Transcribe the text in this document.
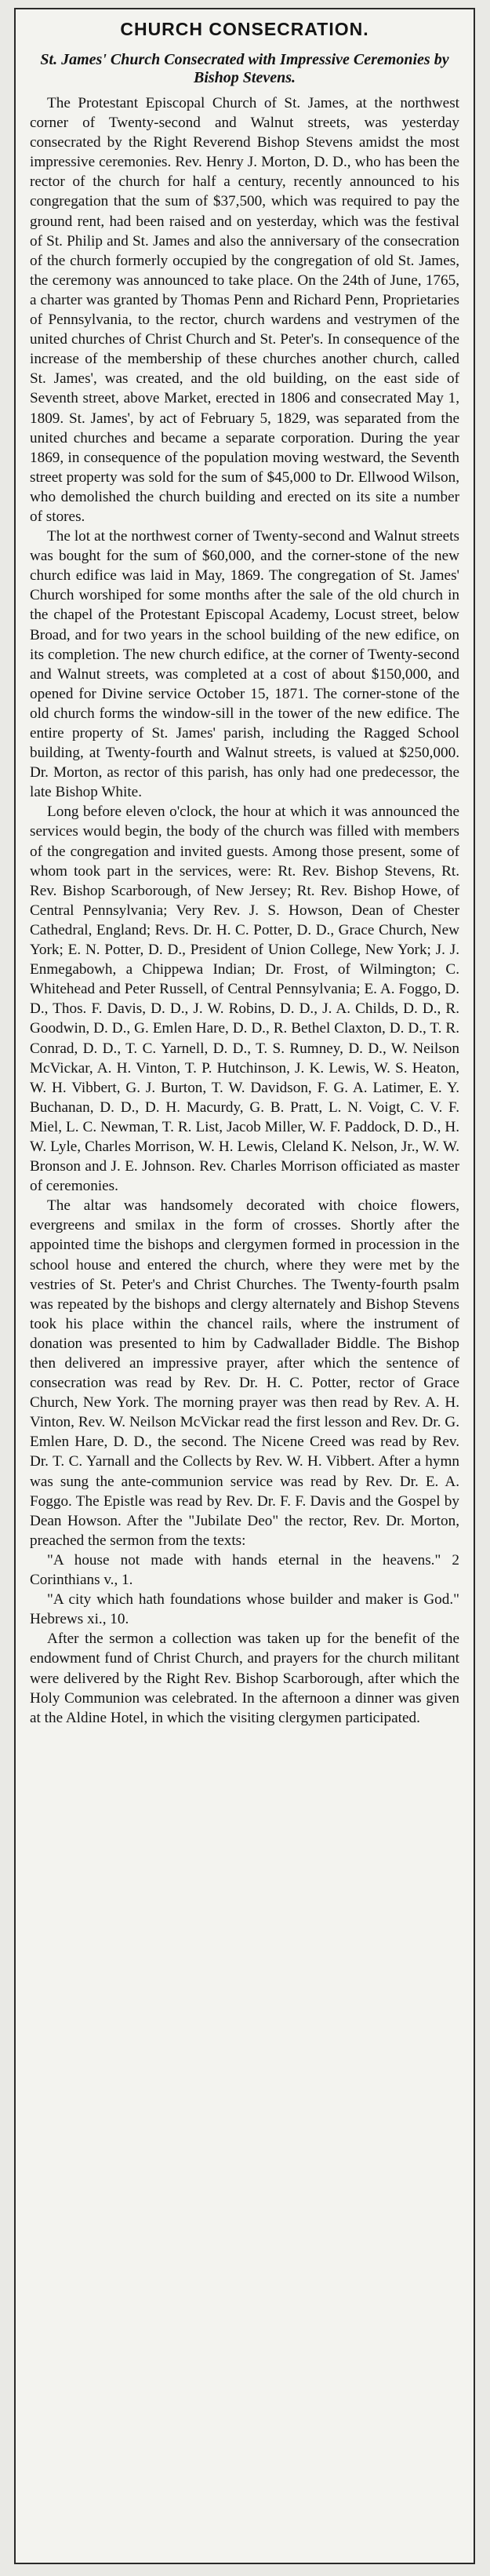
CHURCH CONSECRATION.
St. James' Church Consecrated with Impressive Ceremonies by Bishop Stevens.

The Protestant Episcopal Church of St. James, at the northwest corner of Twenty-second and Walnut streets, was yesterday consecrated by the Right Reverend Bishop Stevens amidst the most impressive ceremonies. Rev. Henry J. Morton, D. D., who has been the rector of the church for half a century, recently announced to his congregation that the sum of $37,500, which was required to pay the ground rent, had been raised and on yesterday, which was the festival of St. Philip and St. James and also the anniversary of the consecration of the church formerly occupied by the congregation of old St. James, the ceremony was announced to take place. On the 24th of June, 1765, a charter was granted by Thomas Penn and Richard Penn, Proprietaries of Pennsylvania, to the rector, church wardens and vestrymen of the united churches of Christ Church and St. Peter's. In consequence of the increase of the membership of these churches another church, called St. James', was created, and the old building, on the east side of Seventh street, above Market, erected in 1806 and consecrated May 1, 1809. St. James', by act of February 5, 1829, was separated from the united churches and became a separate corporation. During the year 1869, in consequence of the population moving westward, the Seventh street property was sold for the sum of $45,000 to Dr. Ellwood Wilson, who demolished the church building and erected on its site a number of stores.

The lot at the northwest corner of Twenty-second and Walnut streets was bought for the sum of $60,000, and the corner-stone of the new church edifice was laid in May, 1869. The congregation of St. James' Church worshiped for some months after the sale of the old church in the chapel of the Protestant Episcopal Academy, Locust street, below Broad, and for two years in the school building of the new edifice, on its completion. The new church edifice, at the corner of Twenty-second and Walnut streets, was completed at a cost of about $150,000, and opened for Divine service October 15, 1871. The corner-stone of the old church forms the window-sill in the tower of the new edifice. The entire property of St. James' parish, including the Ragged School building, at Twenty-fourth and Walnut streets, is valued at $250,000. Dr. Morton, as rector of this parish, has only had one predecessor, the late Bishop White.

Long before eleven o'clock, the hour at which it was announced the services would begin, the body of the church was filled with members of the congregation and invited guests. Among those present, some of whom took part in the services, were: Rt. Rev. Bishop Stevens, Rt. Rev. Bishop Scarborough, of New Jersey; Rt. Rev. Bishop Howe, of Central Pennsylvania; Very Rev. J. S. Howson, Dean of Chester Cathedral, England; Revs. Dr. H. C. Potter, D. D., Grace Church, New York; E. N. Potter, D. D., President of Union College, New York; J. J. Enmegabowh, a Chippewa Indian; Dr. Frost, of Wilmington; C. Whitehead and Peter Russell, of Central Pennsylvania; E. A. Foggo, D. D., Thos. F. Davis, D. D., J. W. Robins, D. D., J. A. Childs, D. D., R. Goodwin, D. D., G. Emlen Hare, D. D., R. Bethel Claxton, D. D., T. R. Conrad, D. D., T. C. Yarnell, D. D., T. S. Rumney, D. D., W. Neilson McVickar, A. H. Vinton, T. P. Hutchinson, J. K. Lewis, W. S. Heaton, W. H. Vibbert, G. J. Burton, T. W. Davidson, F. G. A. Latimer, E. Y. Buchanan, D. D., D. H. Macurdy, G. B. Pratt, L. N. Voigt, C. V. F. Miel, L. C. Newman, T. R. List, Jacob Miller, W. F. Paddock, D. D., H. W. Lyle, Charles Morrison, W. H. Lewis, Cleland K. Nelson, Jr., W. W. Bronson and J. E. Johnson. Rev. Charles Morrison officiated as master of ceremonies.

The altar was handsomely decorated with choice flowers, evergreens and smilax in the form of crosses. Shortly after the appointed time the bishops and clergymen formed in procession in the school house and entered the church, where they were met by the vestries of St. Peter's and Christ Churches. The Twenty-fourth psalm was repeated by the bishops and clergy alternately and Bishop Stevens took his place within the chancel rails, where the instrument of donation was presented to him by Cadwallader Biddle. The Bishop then delivered an impressive prayer, after which the sentence of consecration was read by Rev. Dr. H. C. Potter, rector of Grace Church, New York. The morning prayer was then read by Rev. A. H. Vinton, Rev. W. Neilson McVickar read the first lesson and Rev. Dr. G. Emlen Hare, D. D., the second. The Nicene Creed was read by Rev. Dr. T. C. Yarnall and the Collects by Rev. W. H. Vibbert. After a hymn was sung the ante-communion service was read by Rev. Dr. E. A. Foggo. The Epistle was read by Rev. Dr. F. F. Davis and the Gospel by Dean Howson. After the "Jubilate Deo" the rector, Rev. Dr. Morton, preached the sermon from the texts:

"A house not made with hands eternal in the heavens." 2 Corinthians v., 1.

"A city which hath foundations whose builder and maker is God." Hebrews xi., 10.

After the sermon a collection was taken up for the benefit of the endowment fund of Christ Church, and prayers for the church militant were delivered by the Right Rev. Bishop Scarborough, after which the Holy Communion was celebrated. In the afternoon a dinner was given at the Aldine Hotel, in which the visiting clergymen participated.
